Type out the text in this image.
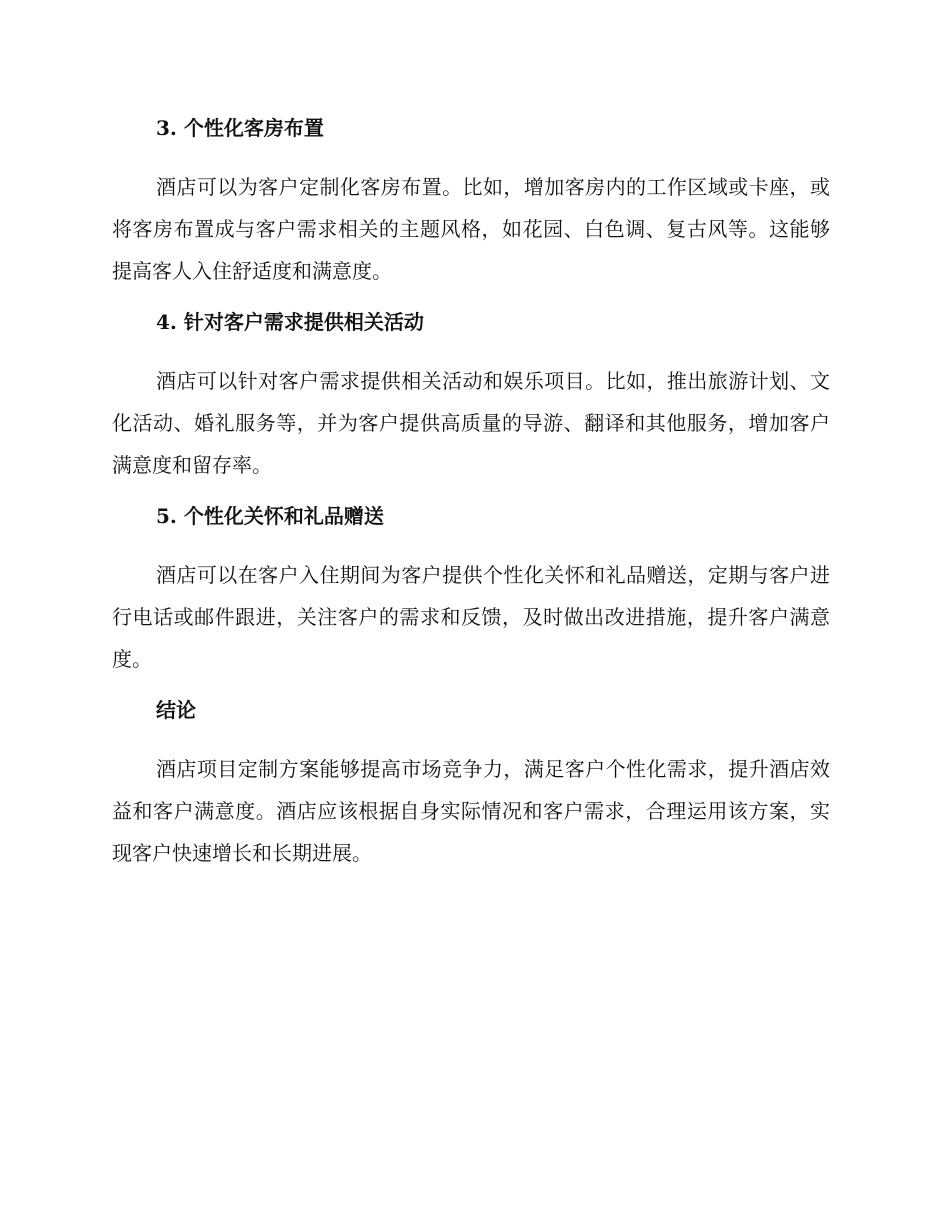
3. 个性化客房布置

酒店可以为客户定制化客房布置。比如，增加客房内的工作区域或卡座，或将客房布置成与客户需求相关的主题风格，如花园、白色调、复古风等。这能够提高客人入住舒适度和满意度。

4. 针对客户需求提供相关活动

酒店可以针对客户需求提供相关活动和娱乐项目。比如，推出旅游计划、文化活动、婚礼服务等，并为客户提供高质量的导游、翻译和其他服务，增加客户满意度和留存率。

5. 个性化关怀和礼品赠送

酒店可以在客户入住期间为客户提供个性化关怀和礼品赠送，定期与客户进行电话或邮件跟进，关注客户的需求和反馈，及时做出改进措施，提升客户满意度。

结论

酒店项目定制方案能够提高市场竞争力，满足客户个性化需求，提升酒店效益和客户满意度。酒店应该根据自身实际情况和客户需求，合理运用该方案，实现客户快速增长和长期进展。
